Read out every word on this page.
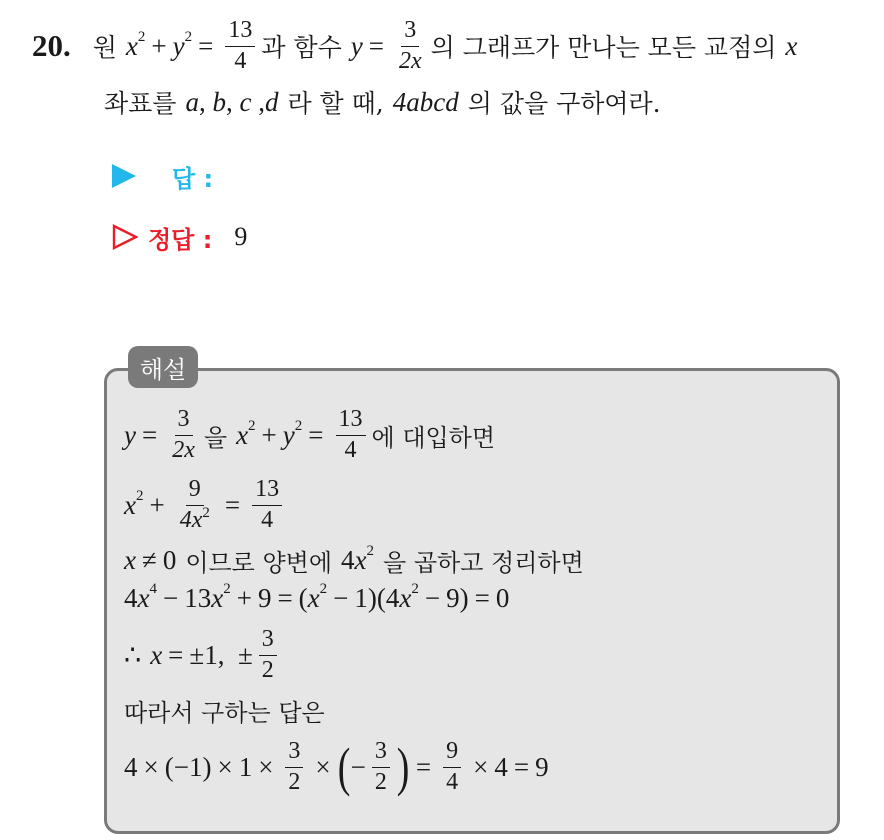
20. 원 $x^2 + y^2 = \frac{13}{4}$ 과 함수 $y = \frac{3}{2x}$ 의 그래프가 만나는 모든 교점의 x
좌표를 a , b , c , d 라 할 때, 4abcd 의 값을 구하여라.
답 :
정답 : 9
해설
$y = \frac{3}{2x}$ 을 $x^2 + y^2 = \frac{13}{4}$ 에 대입하면
$x^2 + \frac{9}{4x^2} = \frac{13}{4}$
x ≠ 0 이므로 양변에 4 $x^2$ 을 곱하고 정리하면
4 $x^4 - 13$ $x^2 + 9$ = ( $x^2 - 1)(4$ $x^2 - 9) = 0$
∴ x = ±1,  ± $\frac{3}{2}$
따라서 구하는 답은
$4 \times (-1) \times 1 \times \frac{3}{2}$ × ( − $\frac{3}{2}$ ) = $\frac{9}{4} \times 4 = 9$
